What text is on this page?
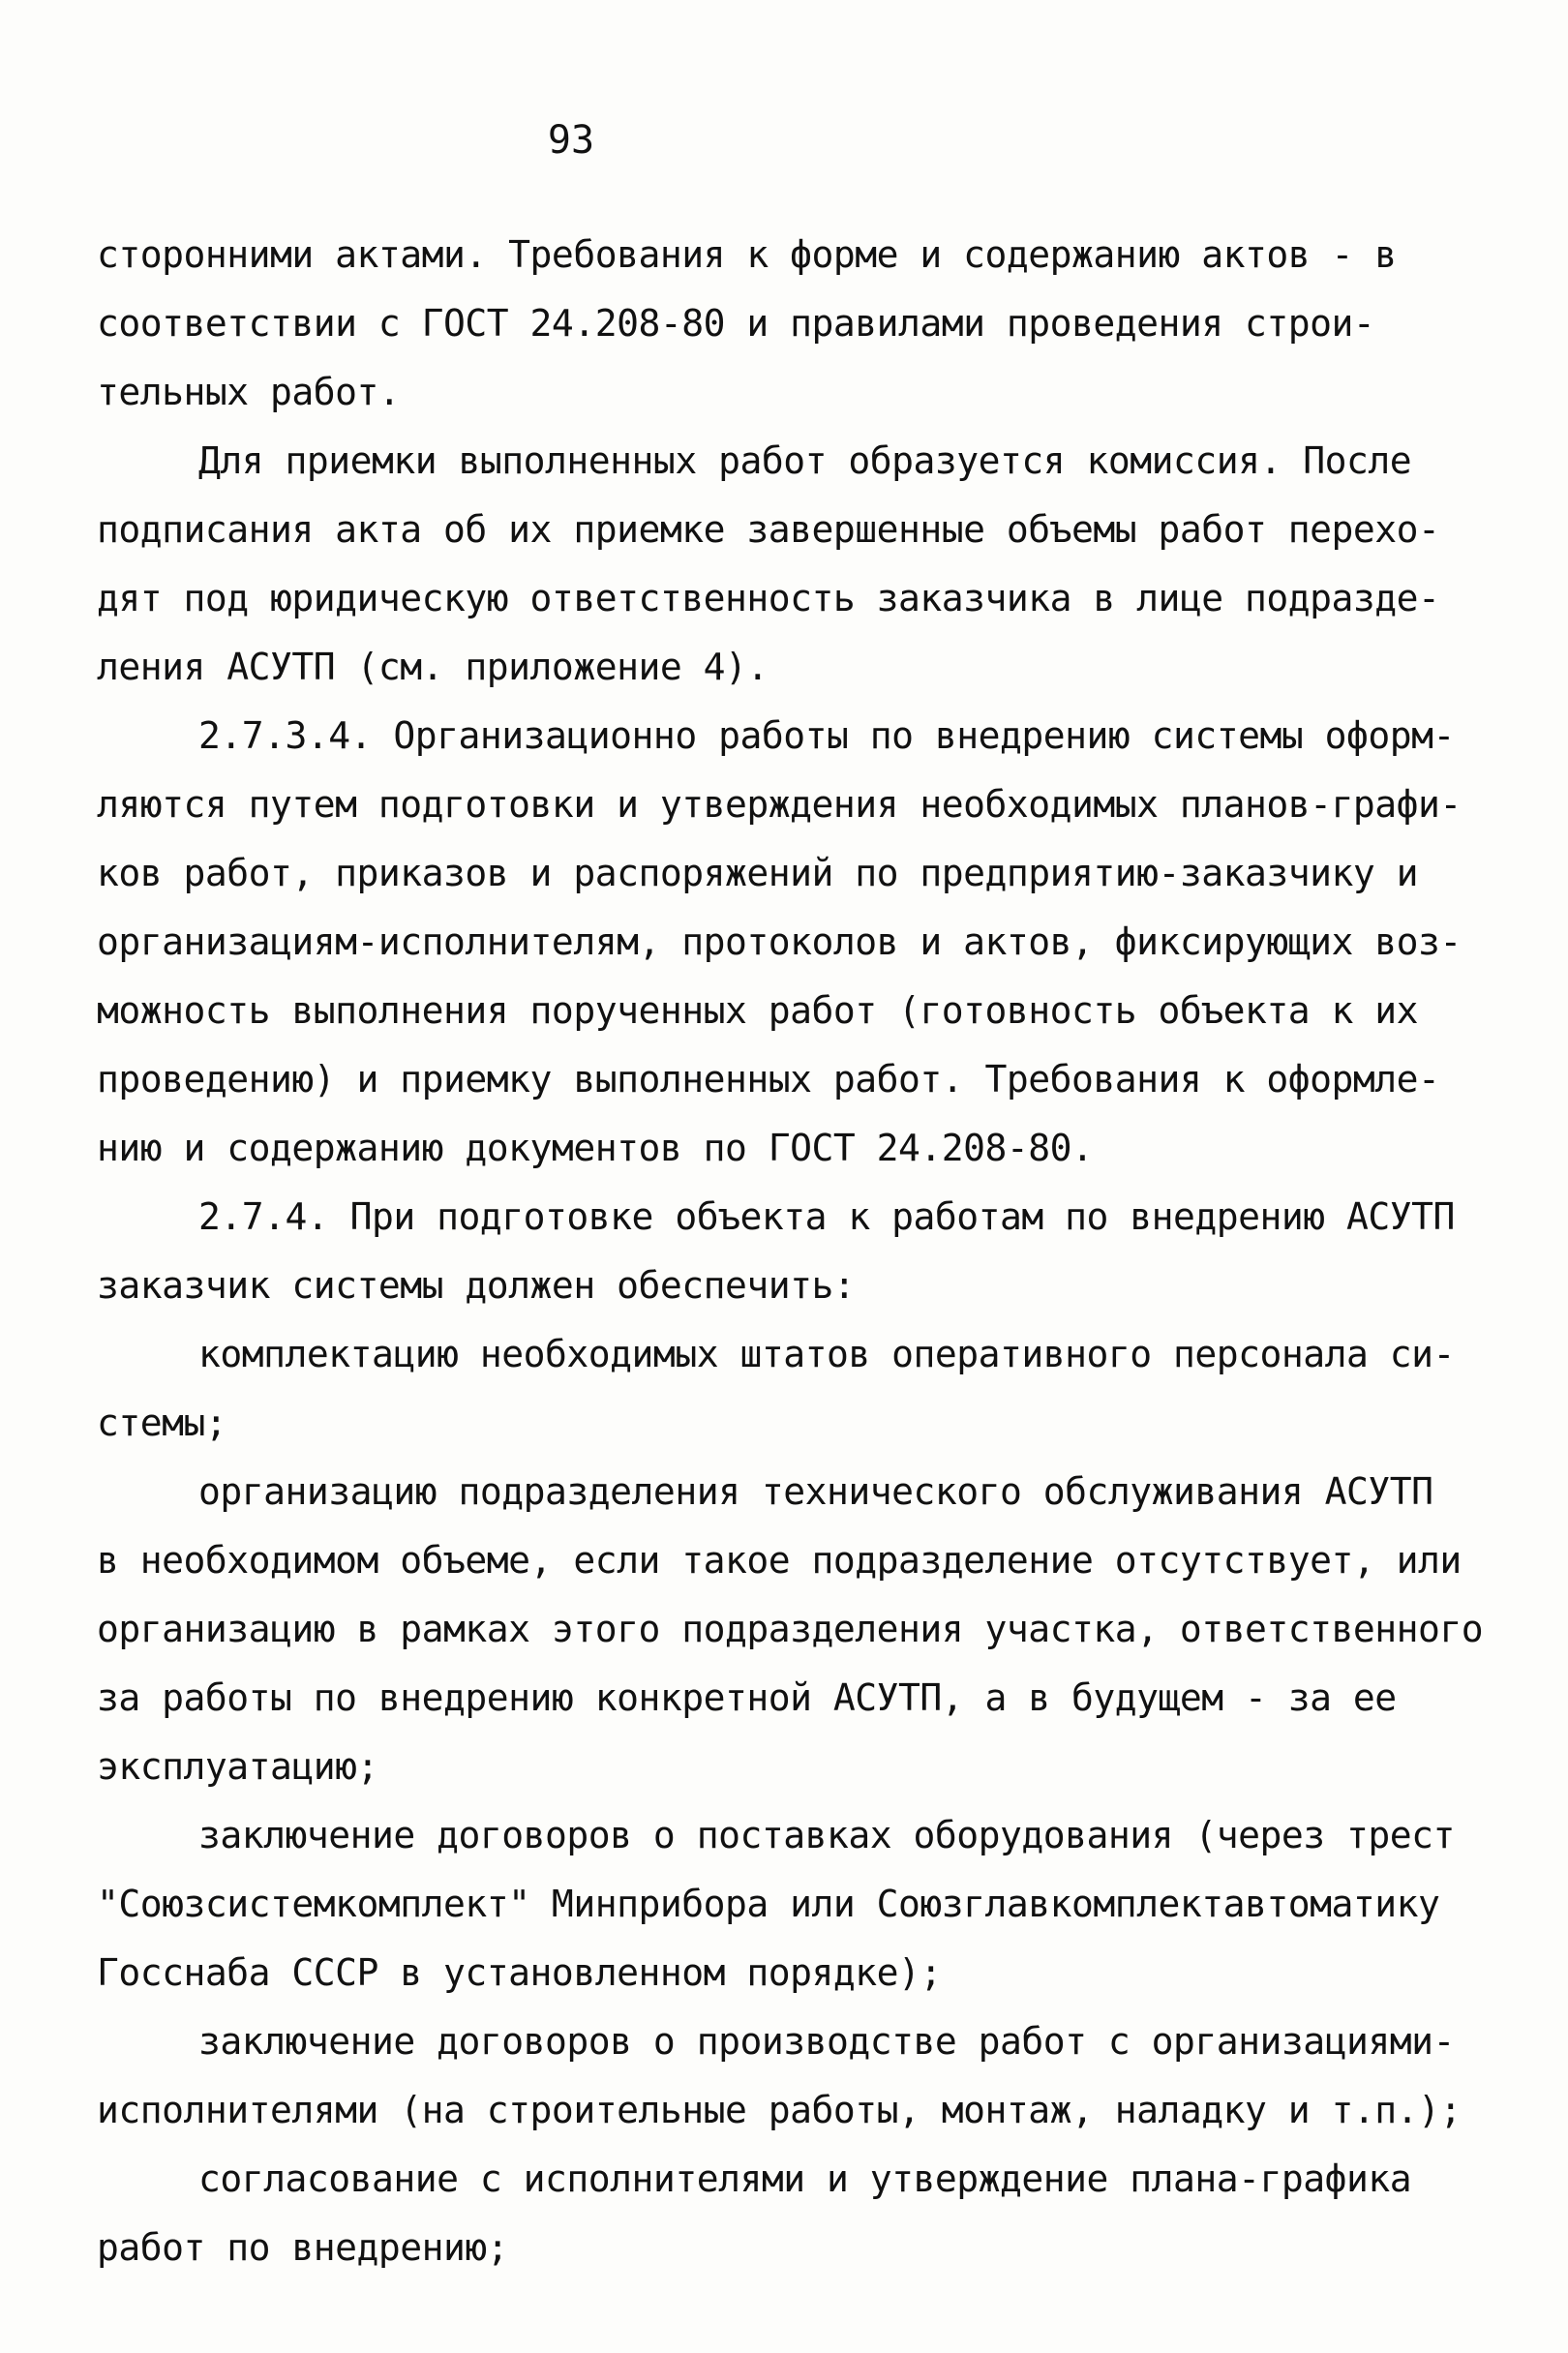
93
сторонними актами. Требования к форме и содержанию актов - в
соответствии с ГОСТ 24.208-80 и правилами проведения строи-
тельных работ.
Для приемки выполненных работ образуется комиссия. После
подписания акта об их приемке завершенные объемы работ перехо-
дят под юридическую ответственность заказчика в лице подразде-
ления АСУТП (см. приложение 4).
2.7.3.4. Организационно работы по внедрению системы оформ-
ляются путем подготовки и утверждения необходимых планов-графи-
ков работ, приказов и распоряжений по предприятию-заказчику и
организациям-исполнителям, протоколов и актов, фиксирующих воз-
можность выполнения порученных работ (готовность объекта к их
проведению) и приемку выполненных работ. Требования к оформле-
нию и содержанию документов по ГОСТ 24.208-80.
2.7.4. При подготовке объекта к работам по внедрению АСУТП
заказчик системы должен обеспечить:
комплектацию необходимых штатов оперативного персонала си-
стемы;
организацию подразделения технического обслуживания АСУТП
в необходимом объеме, если такое подразделение отсутствует, или
организацию в рамках этого подразделения участка, ответственного
за работы по внедрению конкретной АСУТП, а в будущем - за ее
эксплуатацию;
заключение договоров о поставках оборудования (через трест
"Союзсистемкомплект" Минприбора или Союзглавкомплектавтоматику
Госснаба СССР в установленном порядке);
заключение договоров о производстве работ с организациями-
исполнителями (на строительные работы, монтаж, наладку и т.п.);
согласование с исполнителями и утверждение плана-графика
работ по внедрению;
